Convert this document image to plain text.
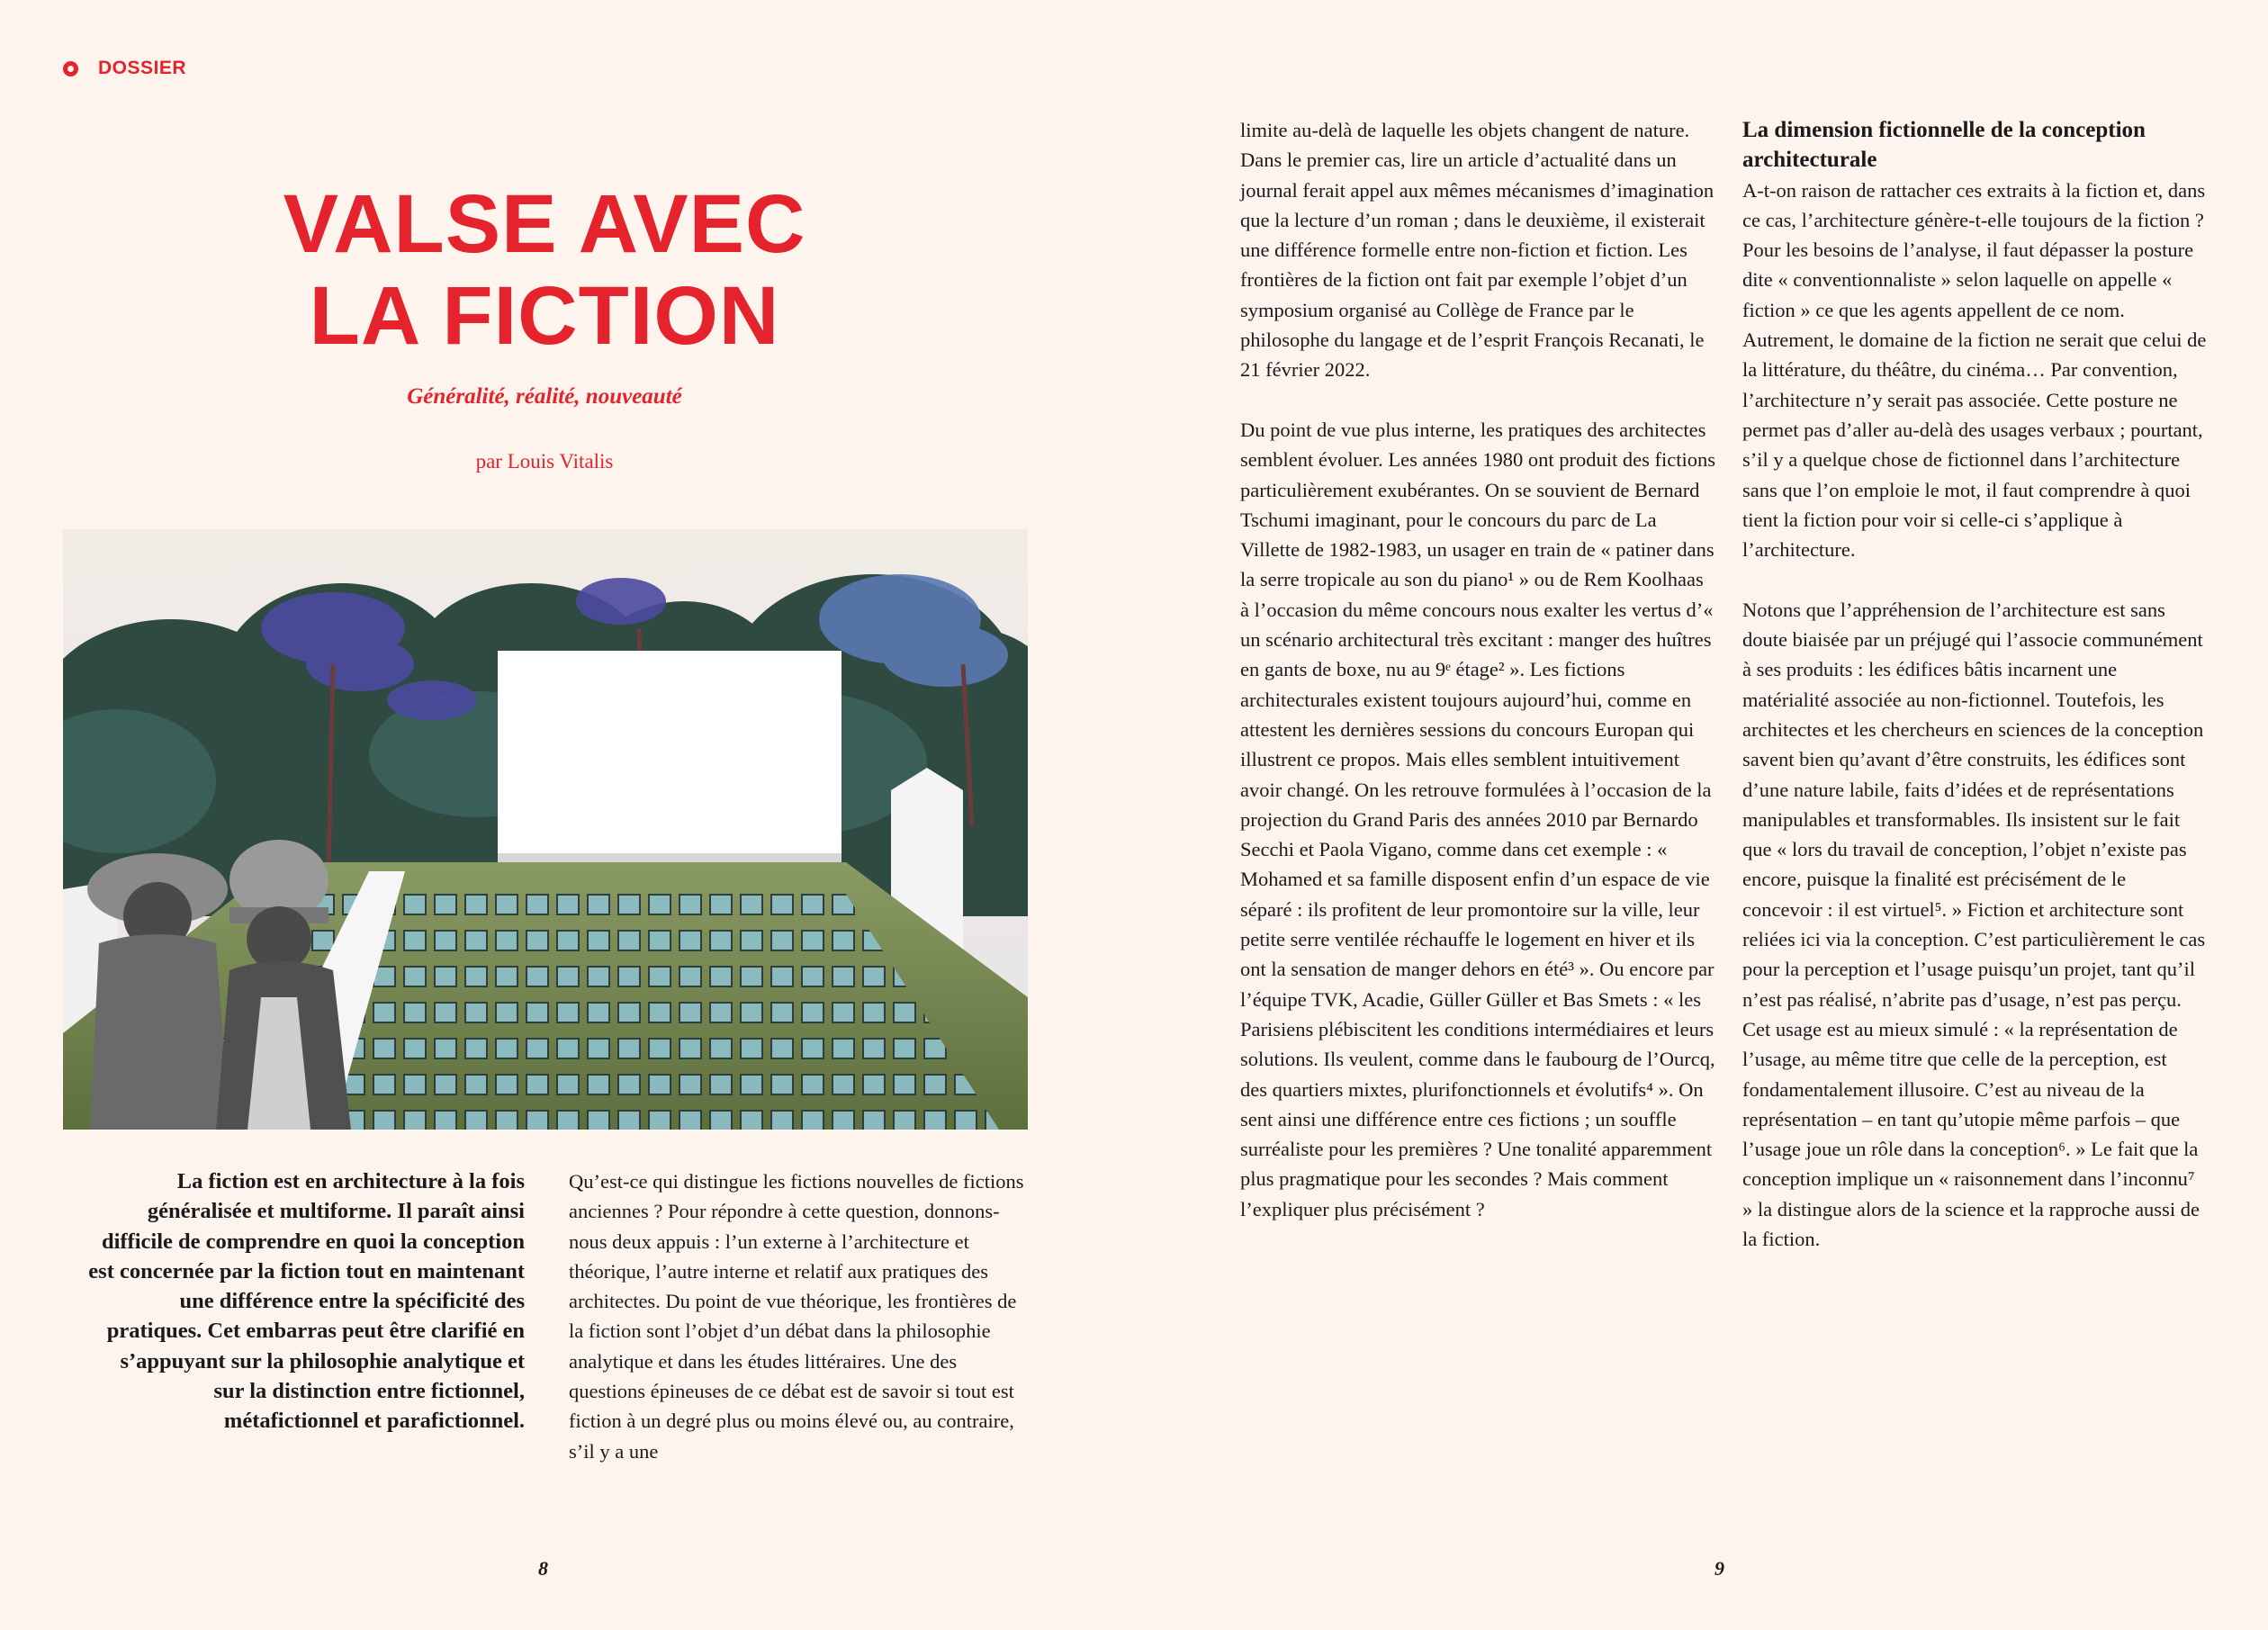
DOSSIER
VALSE AVEC
LA FICTION

Généralité, réalité, nouveauté

par Louis Vitalis

La fiction est en architecture à la fois généralisée et multiforme. Il paraît ainsi difficile de comprendre en quoi la conception est concernée par la fiction tout en maintenant une différence entre la spécificité des pratiques. Cet embarras peut être clarifié en s’appuyant sur la philosophie analytique et sur la distinction entre fictionnel, métafictionnel et parafictionnel.

Qu’est-ce qui distingue les fictions nouvelles de fictions anciennes ? Pour répondre à cette question, donnons-nous deux appuis : l’un externe à l’architecture et théorique, l’autre interne et relatif aux pratiques des architectes. Du point de vue théorique, les frontières de la fiction sont l’objet d’un débat dans la philosophie analytique et dans les études littéraires. Une des questions épineuses de ce débat est de savoir si tout est fiction à un degré plus ou moins élevé ou, au contraire, s’il y a une

limite au-delà de laquelle les objets changent de nature. Dans le premier cas, lire un article d’actualité dans un journal ferait appel aux mêmes mécanismes d’imagination que la lecture d’un roman ; dans le deuxième, il existerait une différence formelle entre non-fiction et fiction. Les frontières de la fiction ont fait par exemple l’objet d’un symposium organisé au Collège de France par le philosophe du langage et de l’esprit François Recanati, le 21 février 2022.

Du point de vue plus interne, les pratiques des architectes semblent évoluer. Les années 1980 ont produit des fictions particulièrement exubérantes. On se souvient de Bernard Tschumi imaginant, pour le concours du parc de La Villette de 1982-1983, un usager en train de « patiner dans la serre tropicale au son du piano¹ » ou de Rem Koolhaas à l’occasion du même concours nous exalter les vertus d’« un scénario architectural très excitant : manger des huîtres en gants de boxe, nu au 9ᵉ étage² ». Les fictions architecturales existent toujours aujourd’hui, comme en attestent les dernières sessions du concours Europan qui illustrent ce propos. Mais elles semblent intuitivement avoir changé. On les retrouve formulées à l’occasion de la projection du Grand Paris des années 2010 par Bernardo Secchi et Paola Vigano, comme dans cet exemple : « Mohamed et sa famille disposent enfin d’un espace de vie séparé : ils profitent de leur promontoire sur la ville, leur petite serre ventilée réchauffe le logement en hiver et ils ont la sensation de manger dehors en été³ ». Ou encore par l’équipe TVK, Acadie, Güller Güller et Bas Smets : « les Parisiens plébiscitent les conditions intermédiaires et leurs solutions. Ils veulent, comme dans le faubourg de l’Ourcq, des quartiers mixtes, plurifonctionnels et évolutifs⁴ ». On sent ainsi une différence entre ces fictions ; un souffle surréaliste pour les premières ? Une tonalité apparemment plus pragmatique pour les secondes ? Mais comment l’expliquer plus précisément ?

La dimension fictionnelle de la conception architecturale

A-t-on raison de rattacher ces extraits à la fiction et, dans ce cas, l’architecture génère-t-elle toujours de la fiction ? Pour les besoins de l’analyse, il faut dépasser la posture dite « conventionnaliste » selon laquelle on appelle « fiction » ce que les agents appellent de ce nom. Autrement, le domaine de la fiction ne serait que celui de la littérature, du théâtre, du cinéma… Par convention, l’architecture n’y serait pas associée. Cette posture ne permet pas d’aller au-delà des usages verbaux ; pourtant, s’il y a quelque chose de fictionnel dans l’architecture sans que l’on emploie le mot, il faut comprendre à quoi tient la fiction pour voir si celle-ci s’applique à l’architecture.

Notons que l’appréhension de l’architecture est sans doute biaisée par un préjugé qui l’associe communément à ses produits : les édifices bâtis incarnent une matérialité associée au non-fictionnel. Toutefois, les architectes et les chercheurs en sciences de la conception savent bien qu’avant d’être construits, les édifices sont d’une nature labile, faits d’idées et de représentations manipulables et transformables. Ils insistent sur le fait que « lors du travail de conception, l’objet n’existe pas encore, puisque la finalité est précisément de le concevoir : il est virtuel⁵. » Fiction et architecture sont reliées ici via la conception. C’est particulièrement le cas pour la perception et l’usage puisqu’un projet, tant qu’il n’est pas réalisé, n’abrite pas d’usage, n’est pas perçu. Cet usage est au mieux simulé : « la représentation de l’usage, au même titre que celle de la perception, est fondamentalement illusoire. C’est au niveau de la représentation – en tant qu’utopie même parfois – que l’usage joue un rôle dans la conception⁶. » Le fait que la conception implique un « raisonnement dans l’inconnu⁷ » la distingue alors de la science et la rapproche aussi de la fiction.

8	9
